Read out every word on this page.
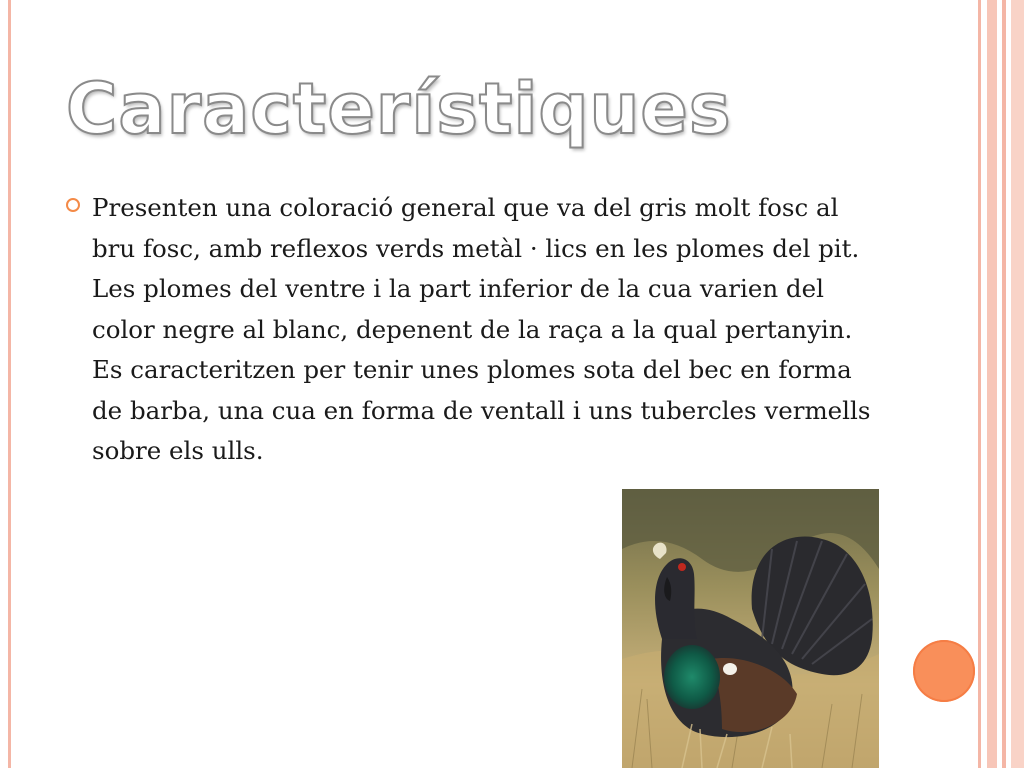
Característiques

Presenten una coloració general que va del gris molt fosc al bru fosc, amb reflexos verds metàl · lics en les plomes del pit. Les plomes del ventre i la part inferior de la cua varien del color negre al blanc, depenent de la raça a la qual pertanyin. Es caracteritzen per tenir unes plomes sota del bec en forma de barba, una cua en forma de ventall i uns tubercles vermells sobre els ulls.
